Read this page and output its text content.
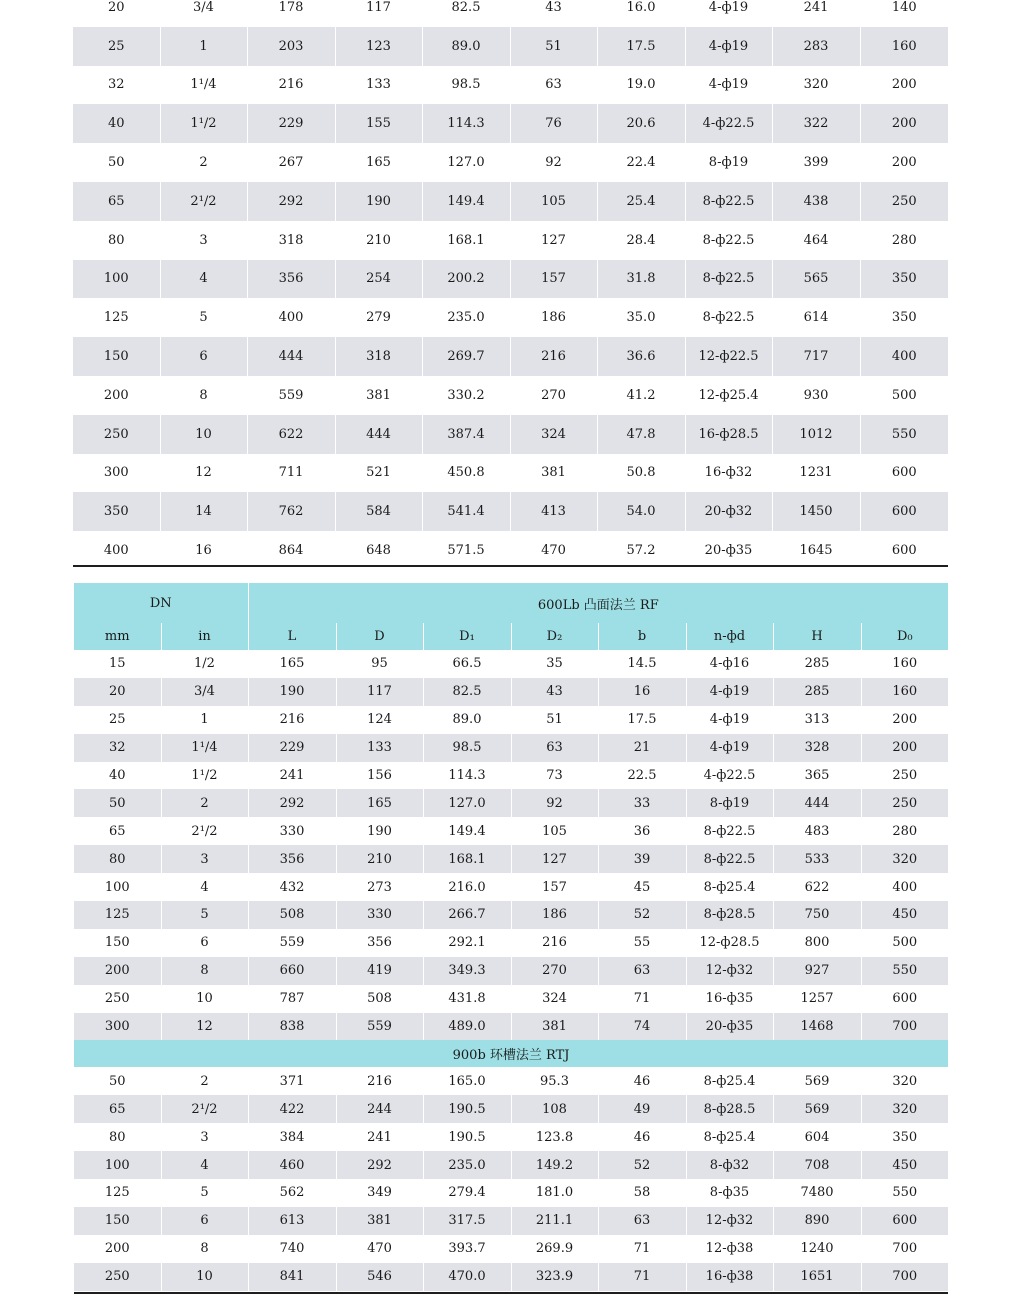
20	3/4	178	117	82.5	43	16.0	4-ф19	241	140
25	1	203	123	89.0	51	17.5	4-ф19	283	160
32	1¹/4	216	133	98.5	63	19.0	4-ф19	320	200
40	1¹/2	229	155	114.3	76	20.6	4-ф22.5	322	200
50	2	267	165	127.0	92	22.4	8-ф19	399	200
65	2¹/2	292	190	149.4	105	25.4	8-ф22.5	438	250
80	3	318	210	168.1	127	28.4	8-ф22.5	464	280
100	4	356	254	200.2	157	31.8	8-ф22.5	565	350
125	5	400	279	235.0	186	35.0	8-ф22.5	614	350
150	6	444	318	269.7	216	36.6	12-ф22.5	717	400
200	8	559	381	330.2	270	41.2	12-ф25.4	930	500
250	10	622	444	387.4	324	47.8	16-ф28.5	1012	550
300	12	711	521	450.8	381	50.8	16-ф32	1231	600
350	14	762	584	541.4	413	54.0	20-ф32	1450	600
400	16	864	648	571.5	470	57.2	20-ф35	1645	600
DN		600Lb 凸面法兰 RF							
mm	in	L	D	D₁	D₂	b	n-фd	H	D₀
15	1/2	165	95	66.5	35	14.5	4-ф16	285	160
20	3/4	190	117	82.5	43	16	4-ф19	285	160
25	1	216	124	89.0	51	17.5	4-ф19	313	200
32	1¹/4	229	133	98.5	63	21	4-ф19	328	200
40	1¹/2	241	156	114.3	73	22.5	4-ф22.5	365	250
50	2	292	165	127.0	92	33	8-ф19	444	250
65	2¹/2	330	190	149.4	105	36	8-ф22.5	483	280
80	3	356	210	168.1	127	39	8-ф22.5	533	320
100	4	432	273	216.0	157	45	8-ф25.4	622	400
125	5	508	330	266.7	186	52	8-ф28.5	750	450
150	6	559	356	292.1	216	55	12-ф28.5	800	500
200	8	660	419	349.3	270	63	12-ф32	927	550
250	10	787	508	431.8	324	71	16-ф35	1257	600
300	12	838	559	489.0	381	74	20-ф35	1468	700
900b 环槽法兰 RTJ									
50	2	371	216	165.0	95.3	46	8-ф25.4	569	320
65	2¹/2	422	244	190.5	108	49	8-ф28.5	569	320
80	3	384	241	190.5	123.8	46	8-ф25.4	604	350
100	4	460	292	235.0	149.2	52	8-ф32	708	450
125	5	562	349	279.4	181.0	58	8-ф35	7480	550
150	6	613	381	317.5	211.1	63	12-ф32	890	600
200	8	740	470	393.7	269.9	71	12-ф38	1240	700
250	10	841	546	470.0	323.9	71	16-ф38	1651	700
